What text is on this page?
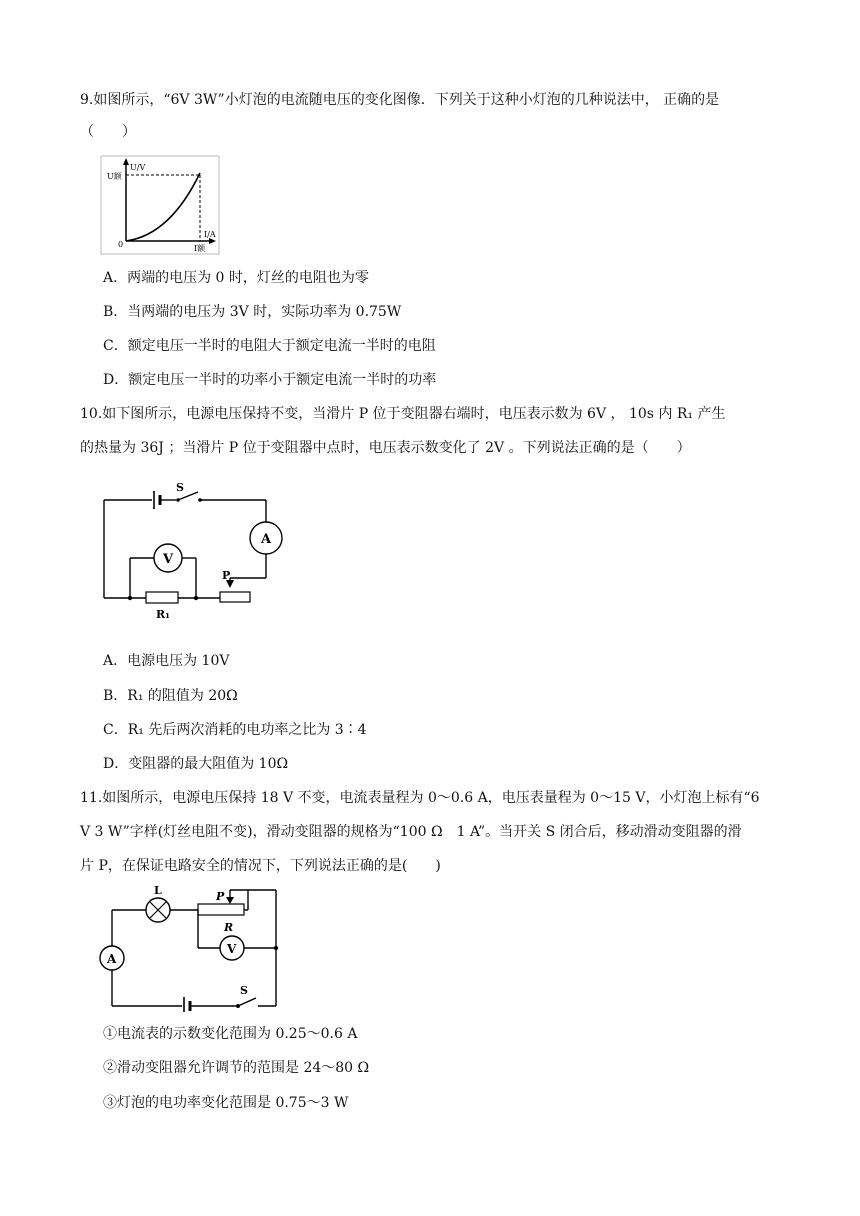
9.如图所示，“6V 3W”小灯泡的电流随电压的变化图像．下列关于这种小灯泡的几种说法中， 正确的是
（　　）
U/V
U额
I/A
I额
0
A．两端的电压为 0 时，灯丝的电阻也为零
B．当两端的电压为 3V 时，实际功率为 0.75W
C．额定电压一半时的电阻大于额定电流一半时的电阻
D．额定电压一半时的功率小于额定电流一半时的功率
10.如下图所示，电源电压保持不变，当滑片 P 位于变阻器右端时，电压表示数为 6V ， 10s 内 R₁ 产生
的热量为 36J ；当滑片 P 位于变阻器中点时，电压表示数变化了 2V 。下列说法正确的是（　　）
S
A
P
R₁
V
A．电源电压为 10V
B．R₁ 的阻值为 20Ω
C．R₁ 先后两次消耗的电功率之比为 3∶4
D．变阻器的最大阻值为 10Ω
11.如图所示，电源电压保持 18 V 不变，电流表量程为 0～0.6 A，电压表量程为 0～15 V，小灯泡上标有“6
V 3 W”字样(灯丝电阻不变)，滑动变阻器的规格为“100 Ω　1 A”。当开关 S 闭合后，移动滑动变阻器的滑
片 P，在保证电路安全的情况下，下列说法正确的是(　　)
L	P
R
V
A
S
①电流表的示数变化范围为 0.25～0.6 A
②滑动变阻器允许调节的范围是 24～80 Ω
③灯泡的电功率变化范围是 0.75～3 W
